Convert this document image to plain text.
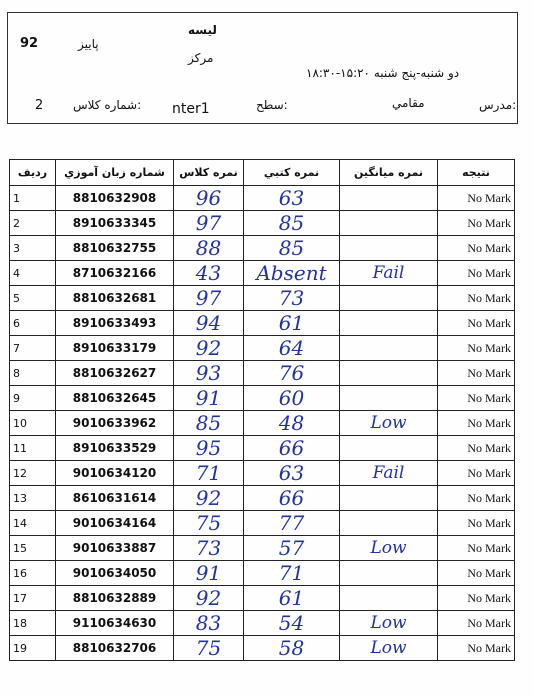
92	پاییز
لیسه
مرکز
دو شنبه-پنج شنبه ۱۵:۲۰-۱۸:۳۰
مدرس:
مقامي
سطح:
nter1
شماره كلاس:
2
رديف	شماره زبان آموزي	نمره كلاس	نمره كتبي	نمره ميانگين	نتيجه
1	8810632908	96	63		No Mark
2	8910633345	97	85		No Mark
3	8810632755	88	85		No Mark
4	8710632166	43	Absent	Fail	No Mark
5	8810632681	97	73		No Mark
6	8910633493	94	61		No Mark
7	8910633179	92	64		No Mark
8	8810632627	93	76		No Mark
9	8810632645	91	60		No Mark
10	9010633962	85	48	Low	No Mark
11	8910633529	95	66		No Mark
12	9010634120	71	63	Fail	No Mark
13	8610631614	92	66		No Mark
14	9010634164	75	77		No Mark
15	9010633887	73	57	Low	No Mark
16	9010634050	91	71		No Mark
17	8810632889	92	61		No Mark
18	9110634630	83	54	Low	No Mark
19	8810632706	75	58	Low	No Mark
